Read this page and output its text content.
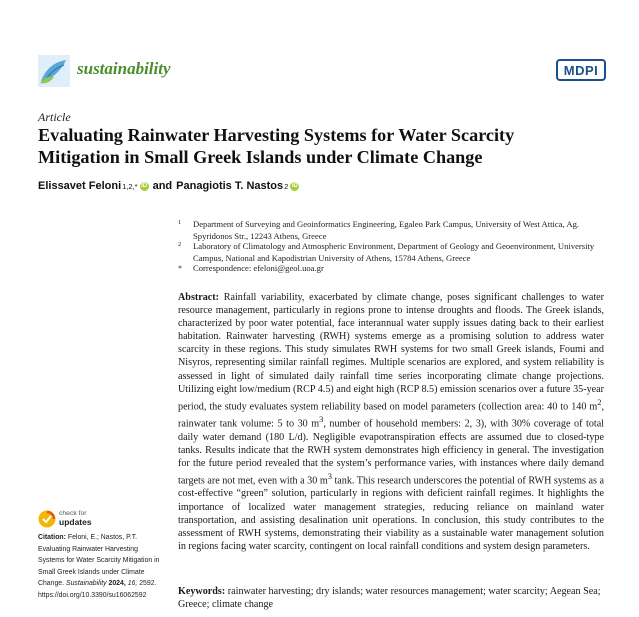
sustainability	MDPI
Article
Evaluating Rainwater Harvesting Systems for Water Scarcity Mitigation in Small Greek Islands under Climate Change
Elissavet Feloni 1,2,* iD and Panagiotis T. Nastos 2 iD
1 Department of Surveying and Geoinformatics Engineering, Egaleo Park Campus, University of West Attica, Ag. Spyridonos Str., 12243 Athens, Greece
2 Laboratory of Climatology and Atmospheric Environment, Department of Geology and Geoenvironment, University Campus, National and Kapodistrian University of Athens, 15784 Athens, Greece
* Correspondence: efeloni@geol.uoa.gr
Abstract: Rainfall variability, exacerbated by climate change, poses significant challenges to water resource management, particularly in regions prone to intense droughts and floods. The Greek islands, characterized by poor water potential, face interannual water supply issues dating back to their earliest habitation. Rainwater harvesting (RWH) systems emerge as a promising solution to address water scarcity in these regions. This study simulates RWH systems for two small Greek islands, Foumi and Nisyros, representing similar rainfall regimes. Multiple scenarios are explored, and system reliability is assessed in light of simulated daily rainfall time series incorporating climate change projections. Utilizing eight low/medium (RCP 4.5) and eight high (RCP 8.5) emission scenarios over a future 35-year period, the study evaluates system reliability based on model parameters (collection area: 40 to 140 $m^2$, rainwater tank volume: 5 to 30 $m^3$, number of household members: 2, 3), with 30% coverage of total daily water demand (180 L/d). Negligible evapotranspiration effects are assumed due to closed-type tanks. Results indicate that the RWH system demonstrates high efficiency in general. The investigation for the future period revealed that the system’s performance varies, with instances where daily demand targets are not met, even with a 30 $m^3$ tank. This research underscores the potential of RWH systems as a cost-effective “green” solution, particularly in regions with deficient rainfall regimes. It highlights the importance of localized water management strategies, reducing reliance on mainland water transportation, and assisting desalination unit operations. In conclusion, this study contributes to the assessment of RWH systems, demonstrating their viability as a sustainable water management solution in regions facing water scarcity, contingent on local rainfall conditions and system design parameters.
Keywords: rainwater harvesting; dry islands; water resources management; water scarcity; Aegean Sea; Greece; climate change
check for
updates
Citation: Feloni, E.; Nastos, P.T. Evaluating Rainwater Harvesting Systems for Water Scarcity Mitigation in Small Greek Islands under Climate Change. Sustainability 2024, 16, 2592. https://doi.org/10.3390/su16062592
